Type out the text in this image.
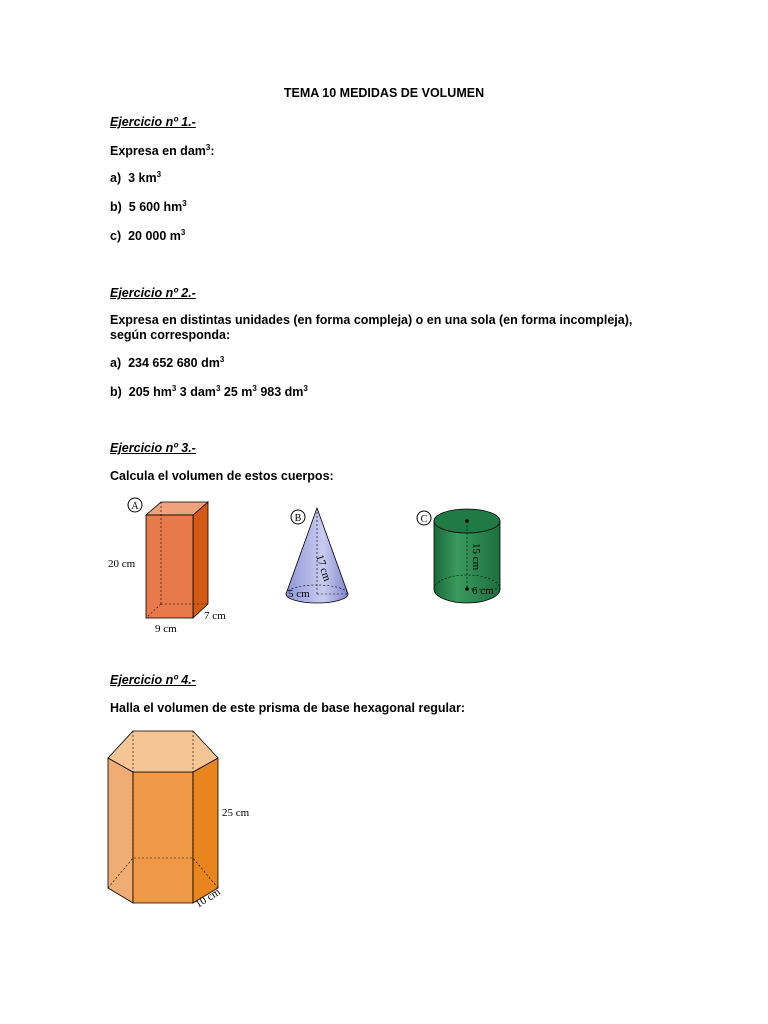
TEMA 10 MEDIDAS DE VOLUMEN
Ejercicio nº 1.-
Expresa en dam$^3$:
a) 3 $km^3$
b) 5 600 $hm^3$
c) 20 000 $m^3$
Ejercicio nº 2.-
Expresa en distintas unidades (en forma compleja) o en una sola (en forma incompleja), según corresponda:
a) 234 652 680 $dm^3$
b) 205 $hm^3$ 3 dam$^3$ 25 $m^3$ 983 $dm^3$
Ejercicio nº 3.-
Calcula el volumen de estos cuerpos:
A
20 cm
9 cm
7 cm
B
17 cm
5 cm
C
15 cm
6 cm
Ejercicio nº 4.-
Halla el volumen de este prisma de base hexagonal regular:
25 cm
10 cm
